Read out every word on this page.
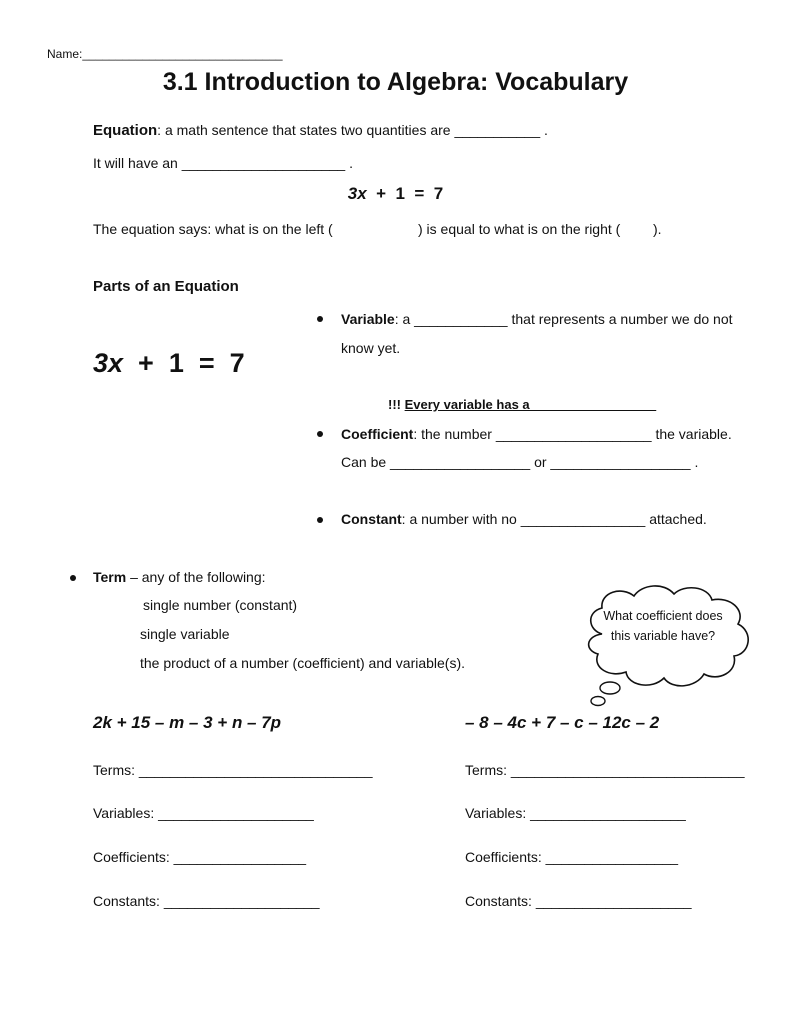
Name:______________________________
3.1 Introduction to Algebra: Vocabulary
Equation: a math sentence that states two quantities are ___________ .
It will have an _____________________ .
3x  +  1  =  7
The equation says: what is on the left (	) is equal to what is on the right ( ).
Parts of an Equation
3x  +  1  =  7
Variable: a ____________ that represents a number we do not
know yet.
!!! Every variable has a _________________
Coefficient: the number ____________________ the variable.
Can be __________________ or __________________ .
Constant: a number with no ________________ attached.
Term – any of the following:
single number (constant)
single variable
the product of a number (coefficient) and variable(s).
What coefficient does this variable have?
2k + 15 – m – 3 + n – 7p
Terms: ______________________________
Variables: ____________________
Coefficients: _________________
Constants: ____________________
– 8 – 4c + 7 – c – 12c – 2
Terms: ______________________________
Variables: ____________________
Coefficients: _________________
Constants: ____________________
